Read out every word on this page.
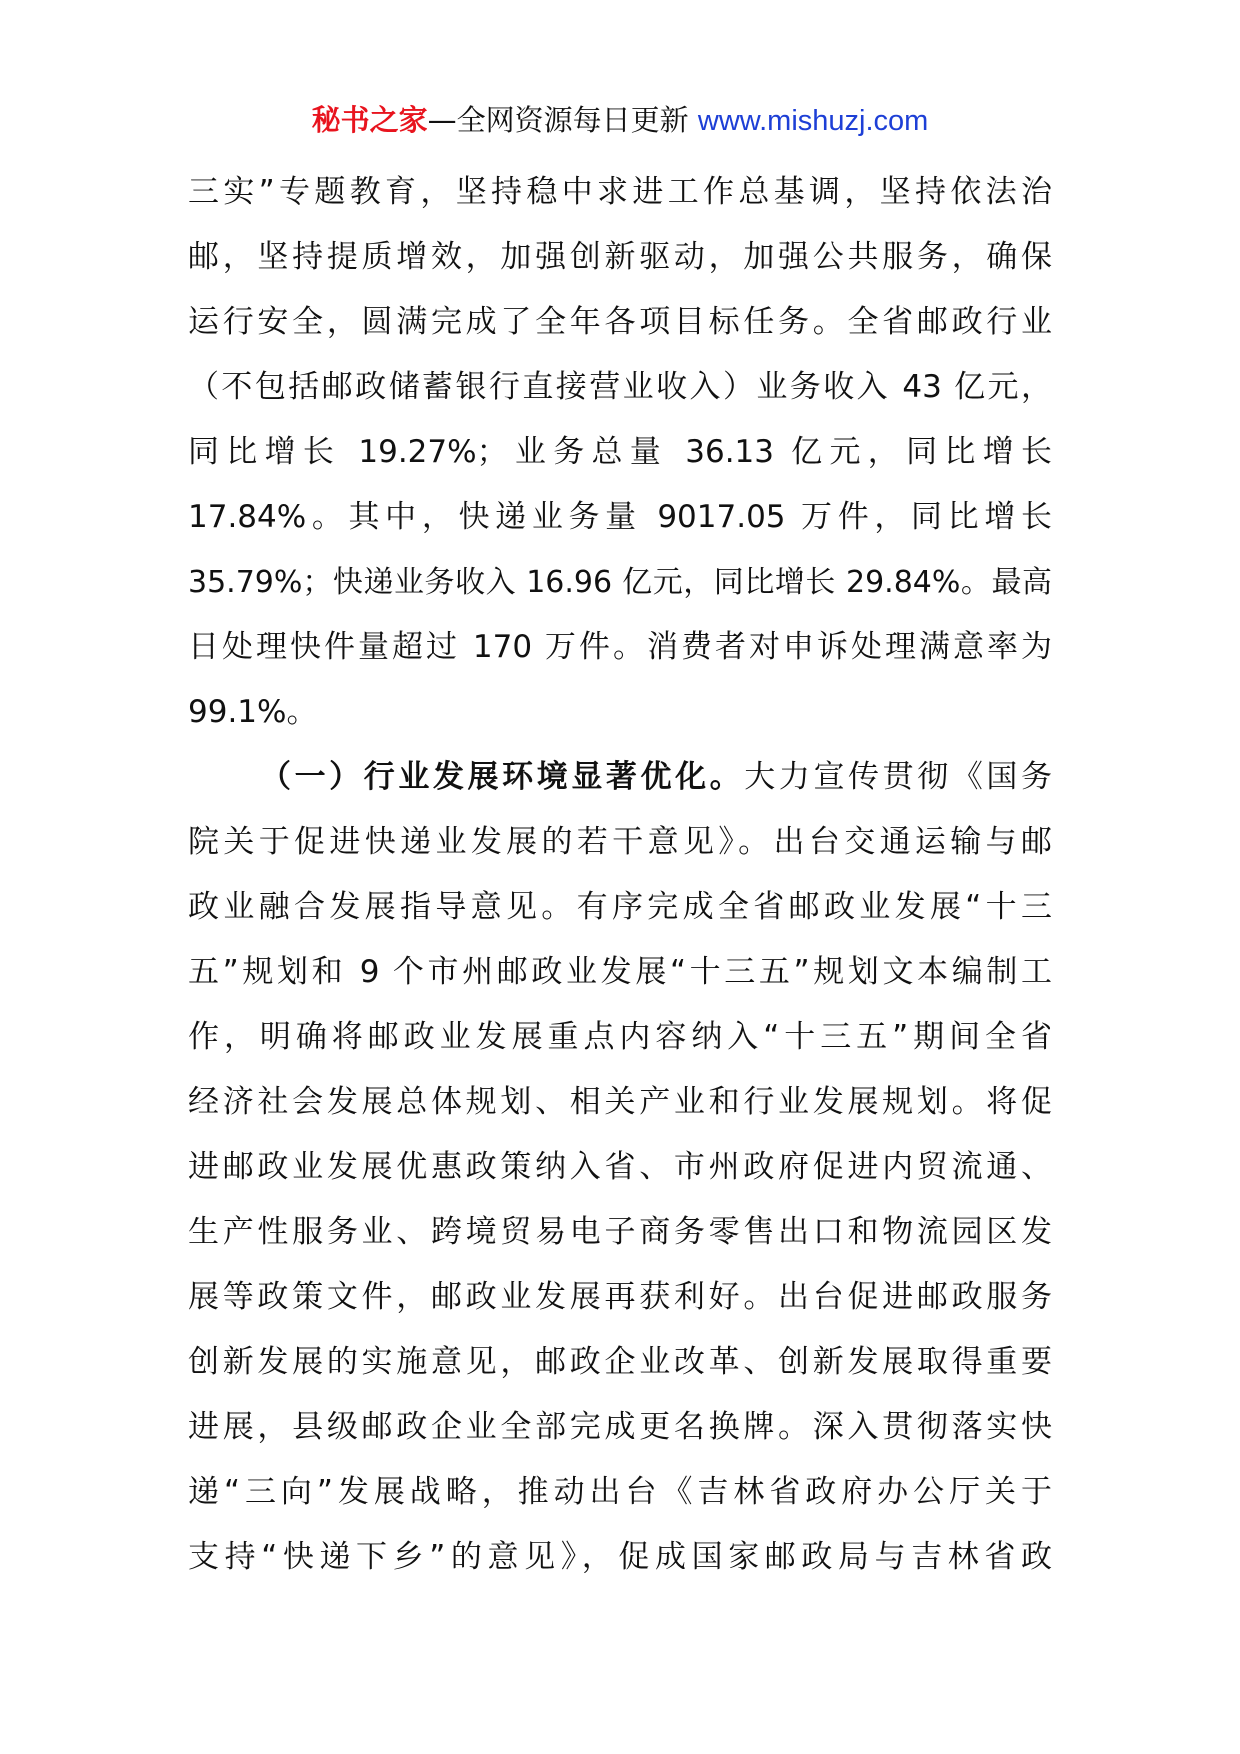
秘书之家—全网资源每日更新 www.mishuzj.com
三实”专题教育，坚持稳中求进工作总基调，坚持依法治
邮，坚持提质增效，加强创新驱动，加强公共服务，确保
运行安全，圆满完成了全年各项目标任务。全省邮政行业
（不包括邮政储蓄银行直接营业收入）业务收入 43 亿元，
同比增长 19.27%；业务总量 36.13 亿元，同比增长
17.84%。其中，快递业务量 9017.05 万件，同比增长
35.79%；快递业务收入 16.96 亿元，同比增长 29.84%。最高
日处理快件量超过 170 万件。消费者对申诉处理满意率为
99.1%。
（一）行业发展环境显著优化。大力宣传贯彻《国务
院关于促进快递业发展的若干意见》。出台交通运输与邮
政业融合发展指导意见。有序完成全省邮政业发展“十三
五”规划和 9 个市州邮政业发展“十三五”规划文本编制工
作，明确将邮政业发展重点内容纳入“十三五”期间全省
经济社会发展总体规划、相关产业和行业发展规划。将促
进邮政业发展优惠政策纳入省、市州政府促进内贸流通、
生产性服务业、跨境贸易电子商务零售出口和物流园区发
展等政策文件，邮政业发展再获利好。出台促进邮政服务
创新发展的实施意见，邮政企业改革、创新发展取得重要
进展，县级邮政企业全部完成更名换牌。深入贯彻落实快
递“三向”发展战略，推动出台《吉林省政府办公厅关于
支持“快递下乡”的意见》，促成国家邮政局与吉林省政
